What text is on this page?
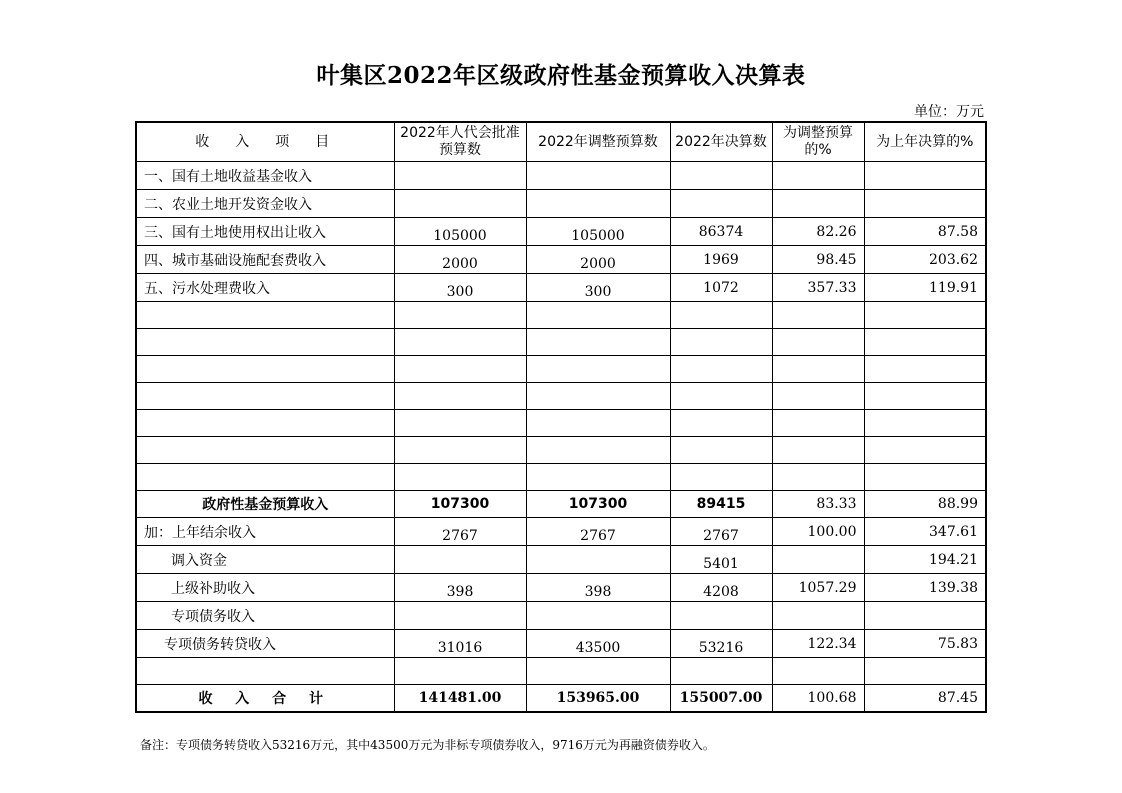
叶集区2022年区级政府性基金预算收入决算表
单位：万元
收　入　项　目	2022年人代会批准预算数	2022年调整预算数	2022年决算数	为调整预算的%	为上年决算的%
一、国有土地收益基金收入					
二、农业土地开发资金收入					
三、国有土地使用权出让收入	105000	105000	86374	82.26	87.58
四、城市基础设施配套费收入	2000	2000	1969	98.45	203.62
五、污水处理费收入	300	300	1072	357.33	119.91

政府性基金预算收入	107300	107300	89415	83.33	88.99
加：上年结余收入	2767	2767	2767	100.00	347.61
调入资金			5401		194.21
上级补助收入	398	398	4208	1057.29	139.38
专项债务收入					
专项债务转贷收入	31016	43500	53216	122.34	75.83

收 入 合 计	141481.00	153965.00	155007.00	100.68	87.45
备注：专项债务转贷收入53216万元，其中43500万元为非标专项债券收入，9716万元为再融资债券收入。
